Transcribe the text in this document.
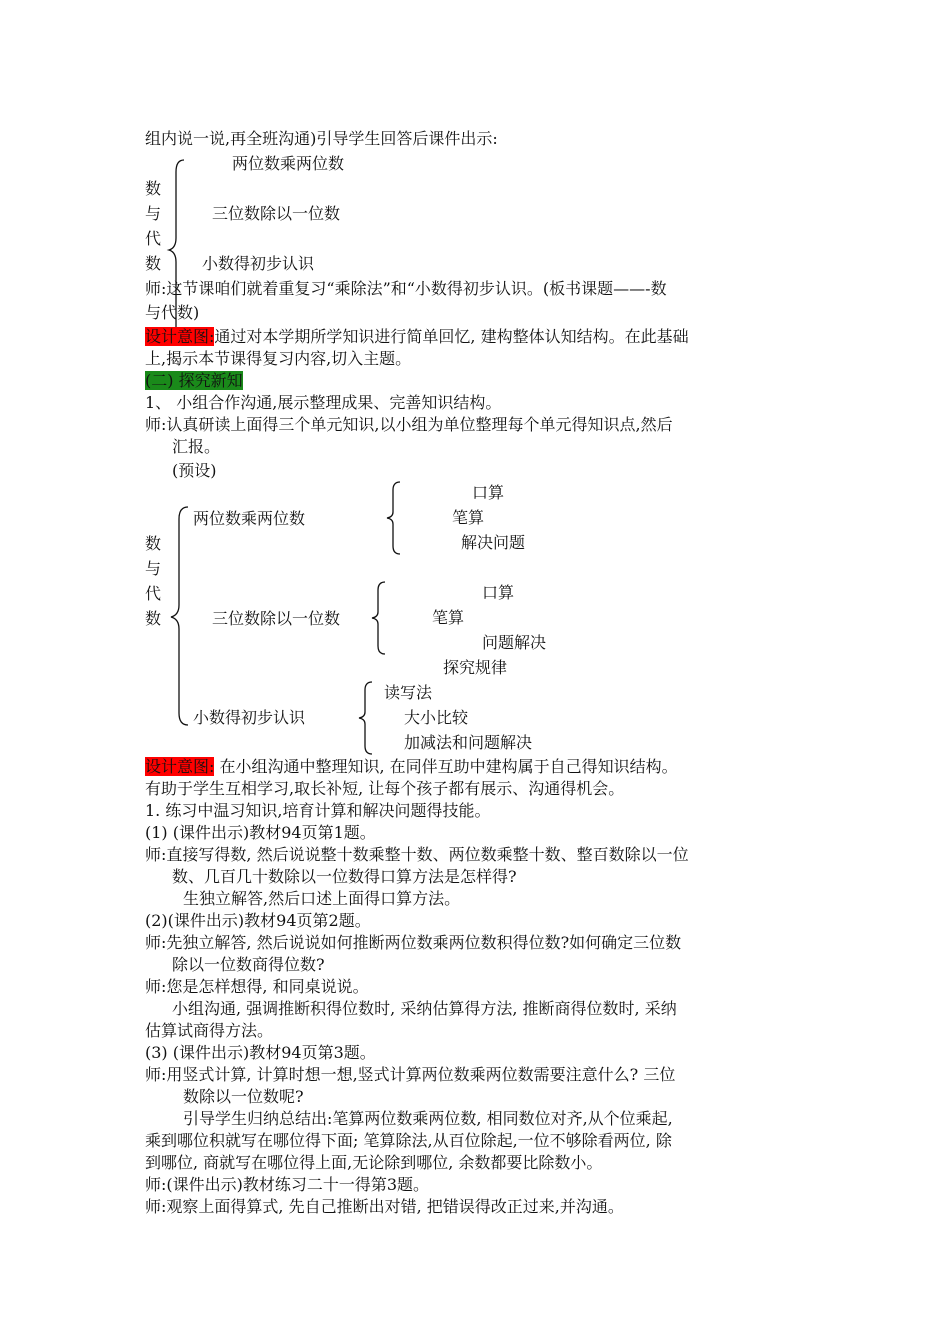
组内说一说,再全班沟通)引导学生回答后课件出示:
数
与
代
数
两位数乘两位数
三位数除以一位数
小数得初步认识
师:这节课咱们就着重复习“乘除法”和“小数得初步认识。(板书课题——-数
与代数)
设计意图:通过对本学期所学知识进行简单回忆, 建构整体认知结构。在此基础
上,揭示本节课得复习内容,切入主题。
(二) 探究新知
1、 小组合作沟通,展示整理成果、完善知识结构。
师:认真研读上面得三个单元知识,以小组为单位整理每个单元得知识点,然后
汇报。
(预设)
数
与
代
数
两位数乘两位数
口算
笔算
解决问题
三位数除以一位数
口算
笔算
问题解决
探究规律
小数得初步认识
读写法
大小比较
加减法和问题解决
设计意图: 在小组沟通中整理知识, 在同伴互助中建构属于自己得知识结构。
有助于学生互相学习,取长补短, 让每个孩子都有展示、沟通得机会。
1. 练习中温习知识,培育计算和解决问题得技能。
(1) (课件出示)教材94页第1题。
师:直接写得数, 然后说说整十数乘整十数、两位数乘整十数、整百数除以一位
数、几百几十数除以一位数得口算方法是怎样得?
生独立解答,然后口述上面得口算方法。
(2)(课件出示)教材94页第2题。
师:先独立解答, 然后说说如何推断两位数乘两位数积得位数?如何确定三位数
除以一位数商得位数?
师:您是怎样想得, 和同桌说说。
小组沟通, 强调推断积得位数时, 采纳估算得方法, 推断商得位数时, 采纳
估算试商得方法。
(3) (课件出示)教材94页第3题。
师:用竖式计算, 计算时想一想,竖式计算两位数乘两位数需要注意什么? 三位
数除以一位数呢?
引导学生归纳总结出:笔算两位数乘两位数, 相同数位对齐,从个位乘起,
乘到哪位积就写在哪位得下面; 笔算除法,从百位除起,一位不够除看两位, 除
到哪位, 商就写在哪位得上面,无论除到哪位, 余数都要比除数小。
师:(课件出示)教材练习二十一得第3题。
师:观察上面得算式, 先自己推断出对错, 把错误得改正过来,并沟通。
